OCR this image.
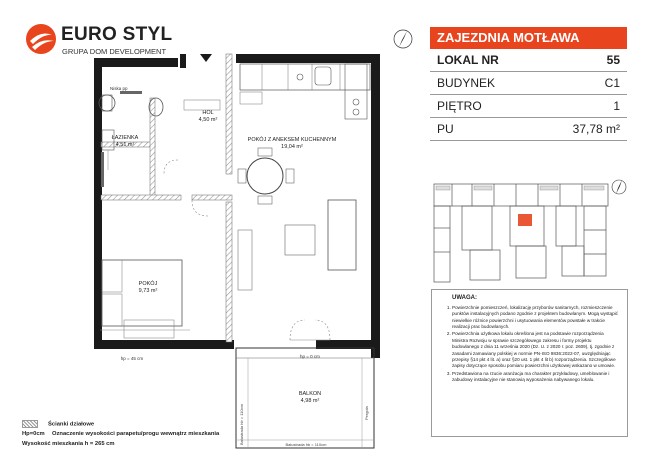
EURO STYL
GRUPA DOM DEVELOPMENT
Niska pp
HOL
4,50 m²
ŁAZIENKA
4,51 m²
POKÓJ Z ANEKSEM KUCHENNYM
19,04 m²
POKÓJ
9,73 m²
hp = 45 cm	hp = 0 cm
BALKON
4,98 m²
Balustrada hb = 110cm	Balustrada hb = 110cm
Pergola
ZAJEZDNIA MOTŁAWA
LOKAL NR	55
BUDYNEK	C1
PIĘTRO	1
PU	37,78 m²
UWAGA:
1. Powierzchnie pomieszczeń, lokalizację przyborów sanitarnych, rozmieszczenie punktów instalacyjnych podano zgodnie z projektem budowlanym. Mogą wystąpić niewielkie różnice powierzchni i usytuowania elementów powstałe w trakcie realizacji prac budowlanych.
2. Powierzchnia użytkowa lokalu określona jest na podstawie rozporządzenia Ministra Rozwoju w sprawie szczegółowego zakresu i formy projektu budowlanego z dnia 11 września 2020 (Dz. U. z 2020 r. poz. 2609), tj. zgodnie z zasadami zamawiany polskiej w normie PN-ISO 9836:2022-07, uwzględniając przepisy §14 pkt 4 lit. a) oraz §20 ust. 1 pkt 4 lit b) rozporządzenia. Szczegółowe zapisy dotyczące sposobu pomiaru powierzchni użytkowej wskazano w umowie.
3. Przedstawiona na rzucie aranżacja ma charakter przykładowy, umeblowanie i zabudowy instalacyjne nie stanowią wyposażenia nabywanego lokalu.
Ścianki działowe
Hp=0cm Oznaczenie wysokości parapetu/progu wewnątrz mieszkania
Wysokość mieszkania h = 265 cm
